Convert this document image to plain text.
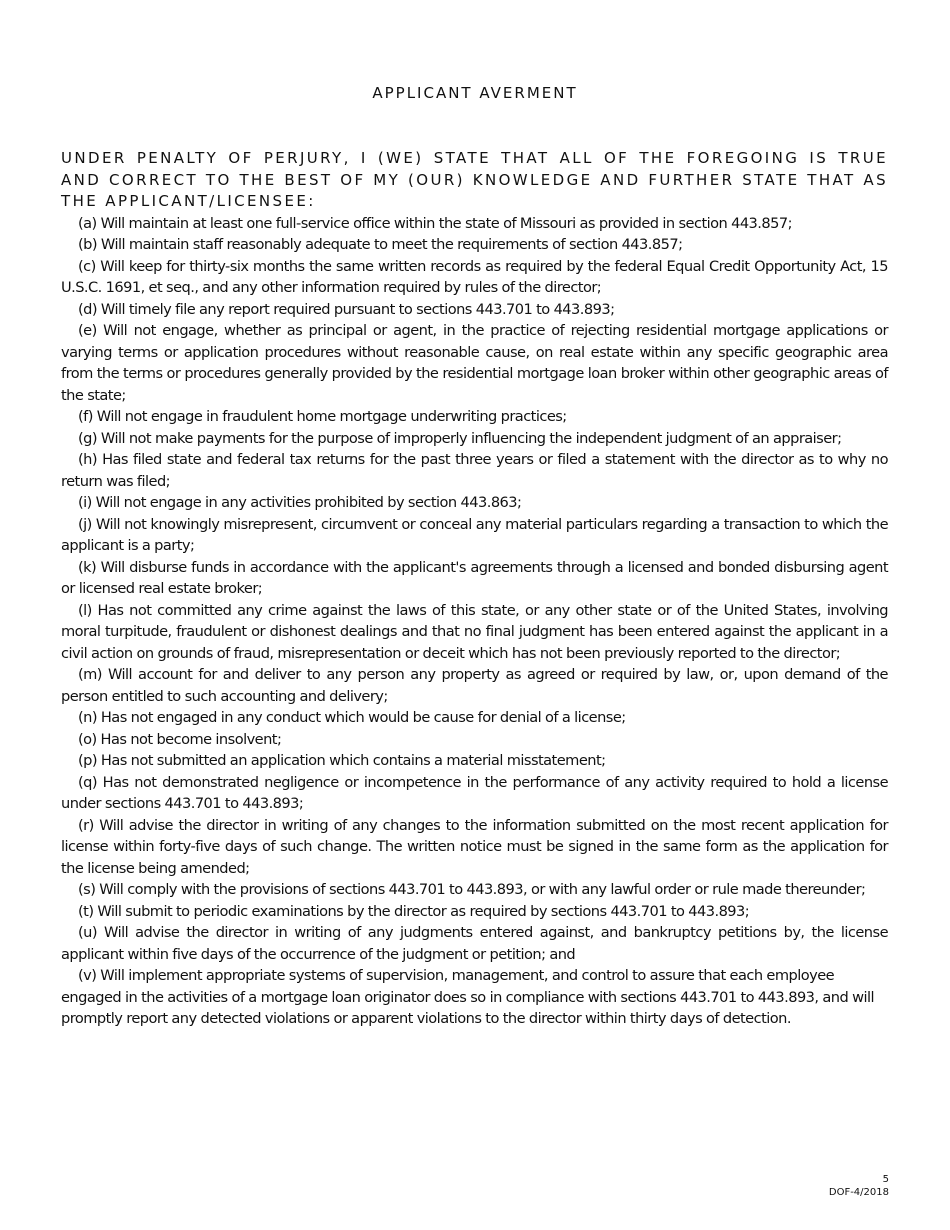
APPLICANT AVERMENT

UNDER PENALTY OF PERJURY, I (WE) STATE THAT ALL OF THE FOREGOING IS TRUE AND CORRECT TO THE BEST OF MY (OUR) KNOWLEDGE AND FURTHER STATE THAT AS THE APPLICANT/LICENSEE:

(a) Will maintain at least one full-service office within the state of Missouri as provided in section 443.857;
(b) Will maintain staff reasonably adequate to meet the requirements of section 443.857;
(c) Will keep for thirty-six months the same written records as required by the federal Equal Credit Opportunity Act, 15 U.S.C. 1691, et seq., and any other information required by rules of the director;
(d) Will timely file any report required pursuant to sections 443.701 to 443.893;
(e) Will not engage, whether as principal or agent, in the practice of rejecting residential mortgage applications or varying terms or application procedures without reasonable cause, on real estate within any specific geographic area from the terms or procedures generally provided by the residential mortgage loan broker within other geographic areas of the state;
(f) Will not engage in fraudulent home mortgage underwriting practices;
(g) Will not make payments for the purpose of improperly influencing the independent judgment of an appraiser;
(h) Has filed state and federal tax returns for the past three years or filed a statement with the director as to why no return was filed;
(i) Will not engage in any activities prohibited by section 443.863;
(j) Will not knowingly misrepresent, circumvent or conceal any material particulars regarding a transaction to which the applicant is a party;
(k) Will disburse funds in accordance with the applicant's agreements through a licensed and bonded disbursing agent or licensed real estate broker;
(l) Has not committed any crime against the laws of this state, or any other state or of the United States, involving moral turpitude, fraudulent or dishonest dealings and that no final judgment has been entered against the applicant in a civil action on grounds of fraud, misrepresentation or deceit which has not been previously reported to the director;
(m) Will account for and deliver to any person any property as agreed or required by law, or, upon demand of the person entitled to such accounting and delivery;
(n) Has not engaged in any conduct which would be cause for denial of a license;
(o) Has not become insolvent;
(p) Has not submitted an application which contains a material misstatement;
(q) Has not demonstrated negligence or incompetence in the performance of any activity required to hold a license under sections 443.701 to 443.893;
(r) Will advise the director in writing of any changes to the information submitted on the most recent application for license within forty-five days of such change. The written notice must be signed in the same form as the application for the license being amended;
(s) Will comply with the provisions of sections 443.701 to 443.893, or with any lawful order or rule made thereunder;
(t) Will submit to periodic examinations by the director as required by sections 443.701 to 443.893;
(u) Will advise the director in writing of any judgments entered against, and bankruptcy petitions by, the license applicant within five days of the occurrence of the judgment or petition; and
(v) Will implement appropriate systems of supervision, management, and control to assure that each employee engaged in the activities of a mortgage loan originator does so in compliance with sections 443.701 to 443.893, and will promptly report any detected violations or apparent violations to the director within thirty days of detection.
5
DOF-4/2018
